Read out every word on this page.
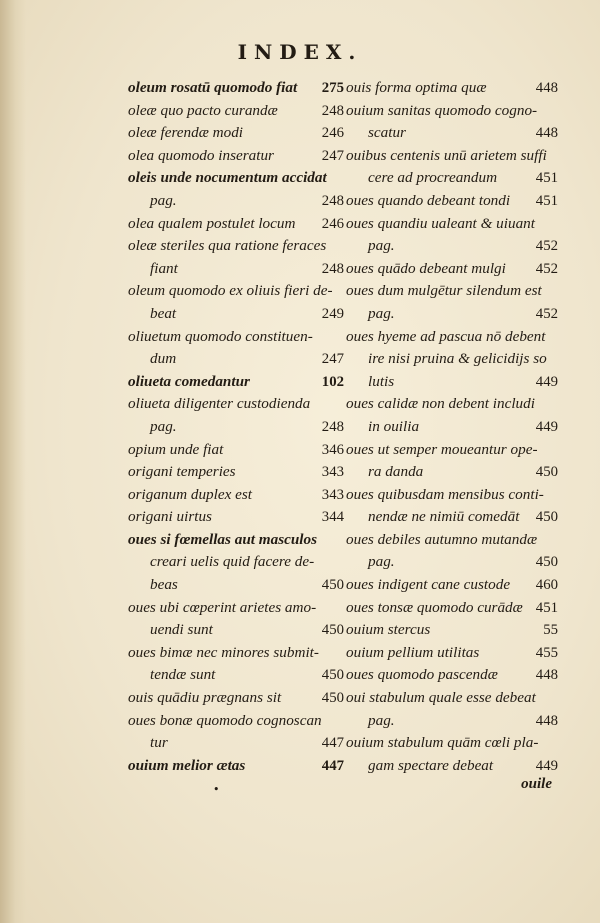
INDEX.
oleum rosatū quomodo fiat 275
oleæ quo pacto curandæ	248
oleæ ferendæ modi	246
olea quomodo inseratur	247
oleis unde nocumentum accidat
pag.	248
olea qualem postulet locum 246
oleæ steriles qua ratione feraces
fiant	248
oleum quomodo ex oliuis fieri de-
beat	249
oliuetum quomodo constituen-
dum	247
oliueta comedantur	102
oliueta diligenter custodienda
pag.	248
opium unde fiat	346
origani temperies	343
origanum duplex est	343
origani uirtus	344
oues si fœmellas aut masculos
creari uelis quid facere de-
beas	450
oues ubi cœperint arietes amo-
uendi sunt	450
oues bimæ nec minores submit-
tendæ sunt	450
ouis quādiu prægnans sit	450
oues bonæ quomodo cognoscan
tur	447
ouium melior ætas	447
ouis forma optima quæ	448
ouium sanitas quomodo cogno-
scatur	448
ouibus centenis unū arietem suffi
cere ad procreandum	451
oues quando debeant tondi 451
oues quandiu ualeant & uiuant
pag.	452
oues quādo debeant mulgi 452
oues dum mulgētur silendum est
pag.	452
oues hyeme ad pascua nō debent
ire nisi pruina & gelicidijs so
lutis	449
oues calidæ non debent includi
in ouilia	449
oues ut semper moueantur ope-
ra danda	450
oues quibusdam mensibus conti-
nendæ ne nimiū comedāt 450
oues debiles autumno mutandæ
pag.	450
oues indigent cane custode 460
oues tonsæ quomodo curādæ 451
ouium stercus	55
ouium pellium utilitas	455
oues quomodo pascendæ	448
oui stabulum quale esse debeat
pag.	448
ouium stabulum quām cœli pla-
gam spectare debeat	449
•	ouile
